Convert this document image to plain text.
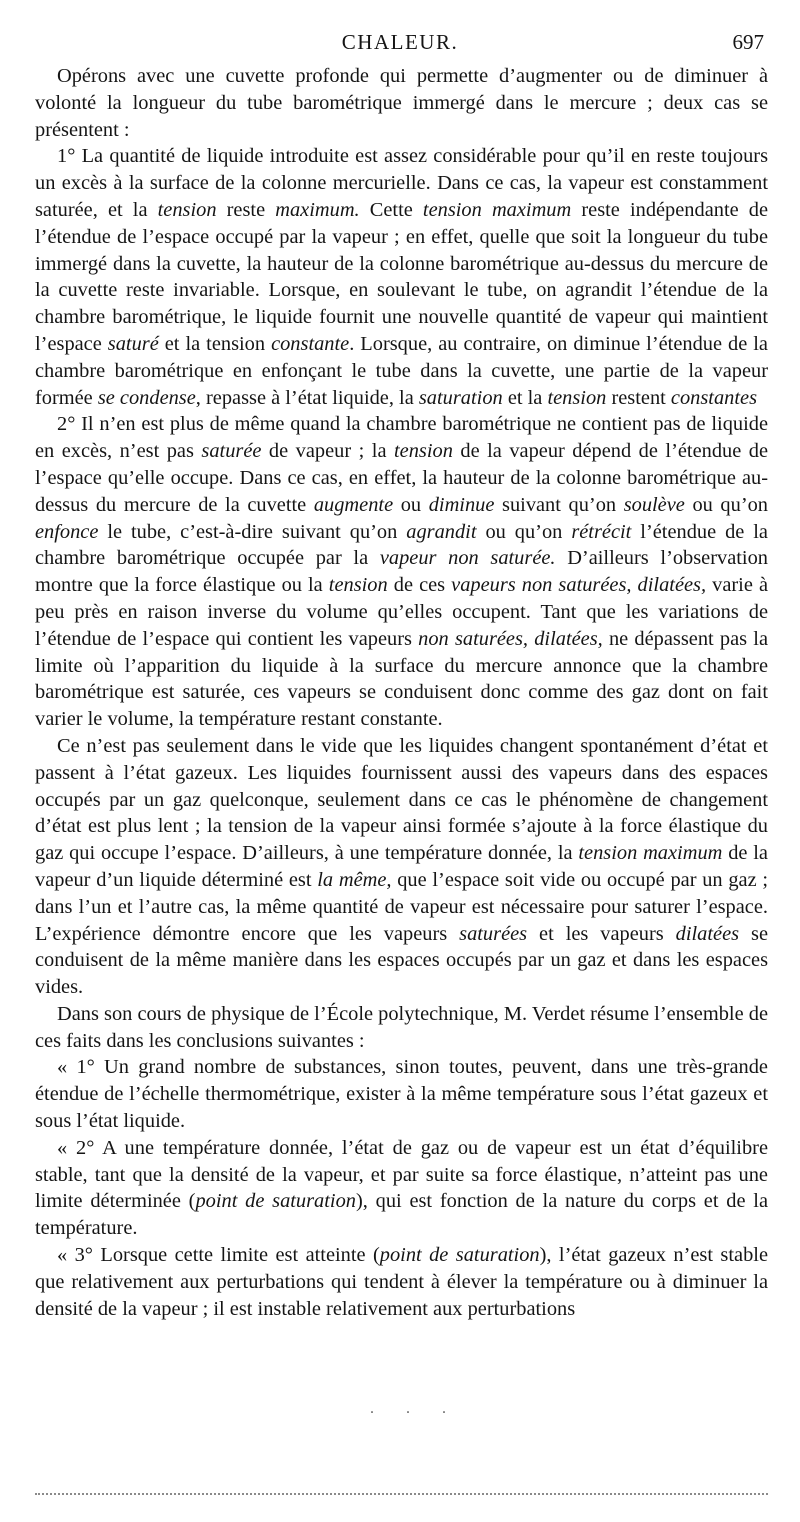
CHALEUR.	697

Opérons avec une cuvette profonde qui permette d’augmenter ou de diminuer à volonté la longueur du tube barométrique immergé dans le mercure ; deux cas se présentent :

1° La quantité de liquide introduite est assez considérable pour qu’il en reste toujours un excès à la surface de la colonne mercurielle. Dans ce cas, la vapeur est constamment saturée, et la tension reste maximum. Cette tension maximum reste indépendante de l’étendue de l’espace occupé par la vapeur ; en effet, quelle que soit la longueur du tube immergé dans la cuvette, la hauteur de la colonne barométrique au-dessus du mercure de la cuvette reste invariable. Lorsque, en soulevant le tube, on agrandit l’étendue de la chambre barométrique, le liquide fournit une nouvelle quantité de vapeur qui maintient l’espace saturé et la tension constante. Lorsque, au contraire, on diminue l’étendue de la chambre barométrique en enfonçant le tube dans la cuvette, une partie de la vapeur formée se condense, repasse à l’état liquide, la saturation et la tension restent constantes

2° Il n’en est plus de même quand la chambre barométrique ne contient pas de liquide en excès, n’est pas saturée de vapeur ; la tension de la vapeur dépend de l’étendue de l’espace qu’elle occupe. Dans ce cas, en effet, la hauteur de la colonne barométrique au-dessus du mercure de la cuvette augmente ou diminue suivant qu’on soulève ou qu’on enfonce le tube, c’est-à-dire suivant qu’on agrandit ou qu’on rétrécit l’étendue de la chambre barométrique occupée par la vapeur non saturée. D’ailleurs l’observation montre que la force élastique ou la tension de ces vapeurs non saturées, dilatées, varie à peu près en raison inverse du volume qu’elles occupent. Tant que les variations de l’étendue de l’espace qui contient les vapeurs non saturées, dilatées, ne dépassent pas la limite où l’apparition du liquide à la surface du mercure annonce que la chambre barométrique est saturée, ces vapeurs se conduisent donc comme des gaz dont on fait varier le volume, la température restant constante.

Ce n’est pas seulement dans le vide que les liquides changent spontanément d’état et passent à l’état gazeux. Les liquides fournissent aussi des vapeurs dans des espaces occupés par un gaz quelconque, seulement dans ce cas le phénomène de changement d’état est plus lent ; la tension de la vapeur ainsi formée s’ajoute à la force élastique du gaz qui occupe l’espace. D’ailleurs, à une température donnée, la tension maximum de la vapeur d’un liquide déterminé est la même, que l’espace soit vide ou occupé par un gaz ; dans l’un et l’autre cas, la même quantité de vapeur est nécessaire pour saturer l’espace. L’expérience démontre encore que les vapeurs saturées et les vapeurs dilatées se conduisent de la même manière dans les espaces occupés par un gaz et dans les espaces vides.

Dans son cours de physique de l’École polytechnique, M. Verdet résume l’ensemble de ces faits dans les conclusions suivantes :

« 1° Un grand nombre de substances, sinon toutes, peuvent, dans une très-grande étendue de l’échelle thermométrique, exister à la même température sous l’état gazeux et sous l’état liquide.

« 2° A une température donnée, l’état de gaz ou de vapeur est un état d’équilibre stable, tant que la densité de la vapeur, et par suite sa force élastique, n’atteint pas une limite déterminée (point de saturation), qui est fonction de la nature du corps et de la température.

« 3° Lorsque cette limite est atteinte (point de saturation), l’état gazeux n’est stable que relativement aux perturbations qui tendent à élever la température ou à diminuer la densité de la vapeur ; il est instable relativement aux perturbations

. . .
